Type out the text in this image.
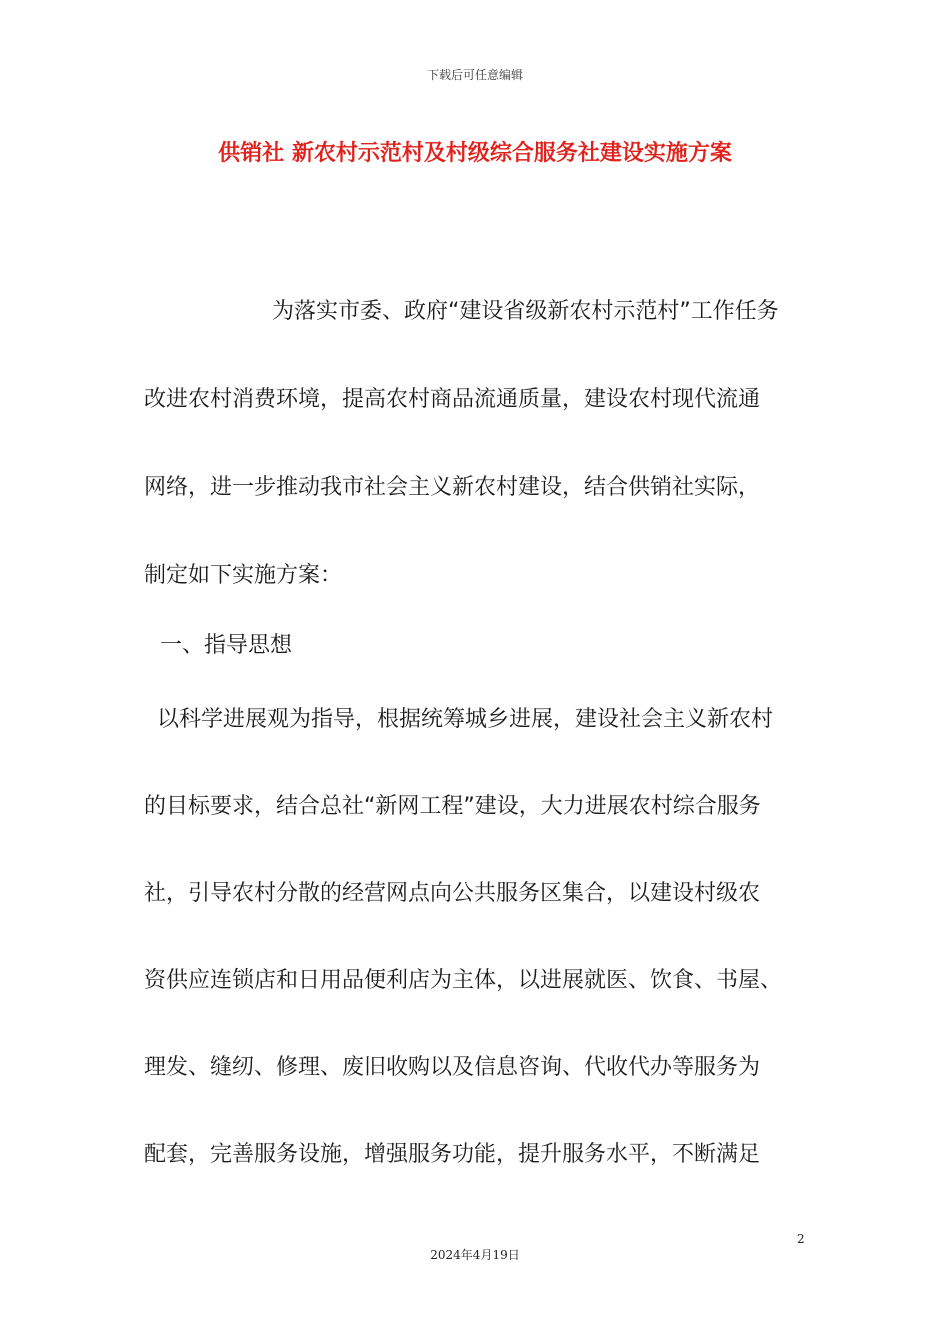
下载后可任意编辑
供销社 新农村示范村及村级综合服务社建设实施方案
为落实市委、政府“建设省级新农村示范村”工作任务
改进农村消费环境，提高农村商品流通质量，建设农村现代流通
网络，进一步推动我市社会主义新农村建设，结合供销社实际，
制定如下实施方案：
一、指导思想
以科学进展观为指导，根据统筹城乡进展，建设社会主义新农村
的目标要求，结合总社“新网工程”建设，大力进展农村综合服务
社，引导农村分散的经营网点向公共服务区集合，以建设村级农
资供应连锁店和日用品便利店为主体，以进展就医、饮食、书屋、
理发、缝纫、修理、废旧收购以及信息咨询、代收代办等服务为
配套，完善服务设施，增强服务功能，提升服务水平，不断满足
2
2024年4月19日
